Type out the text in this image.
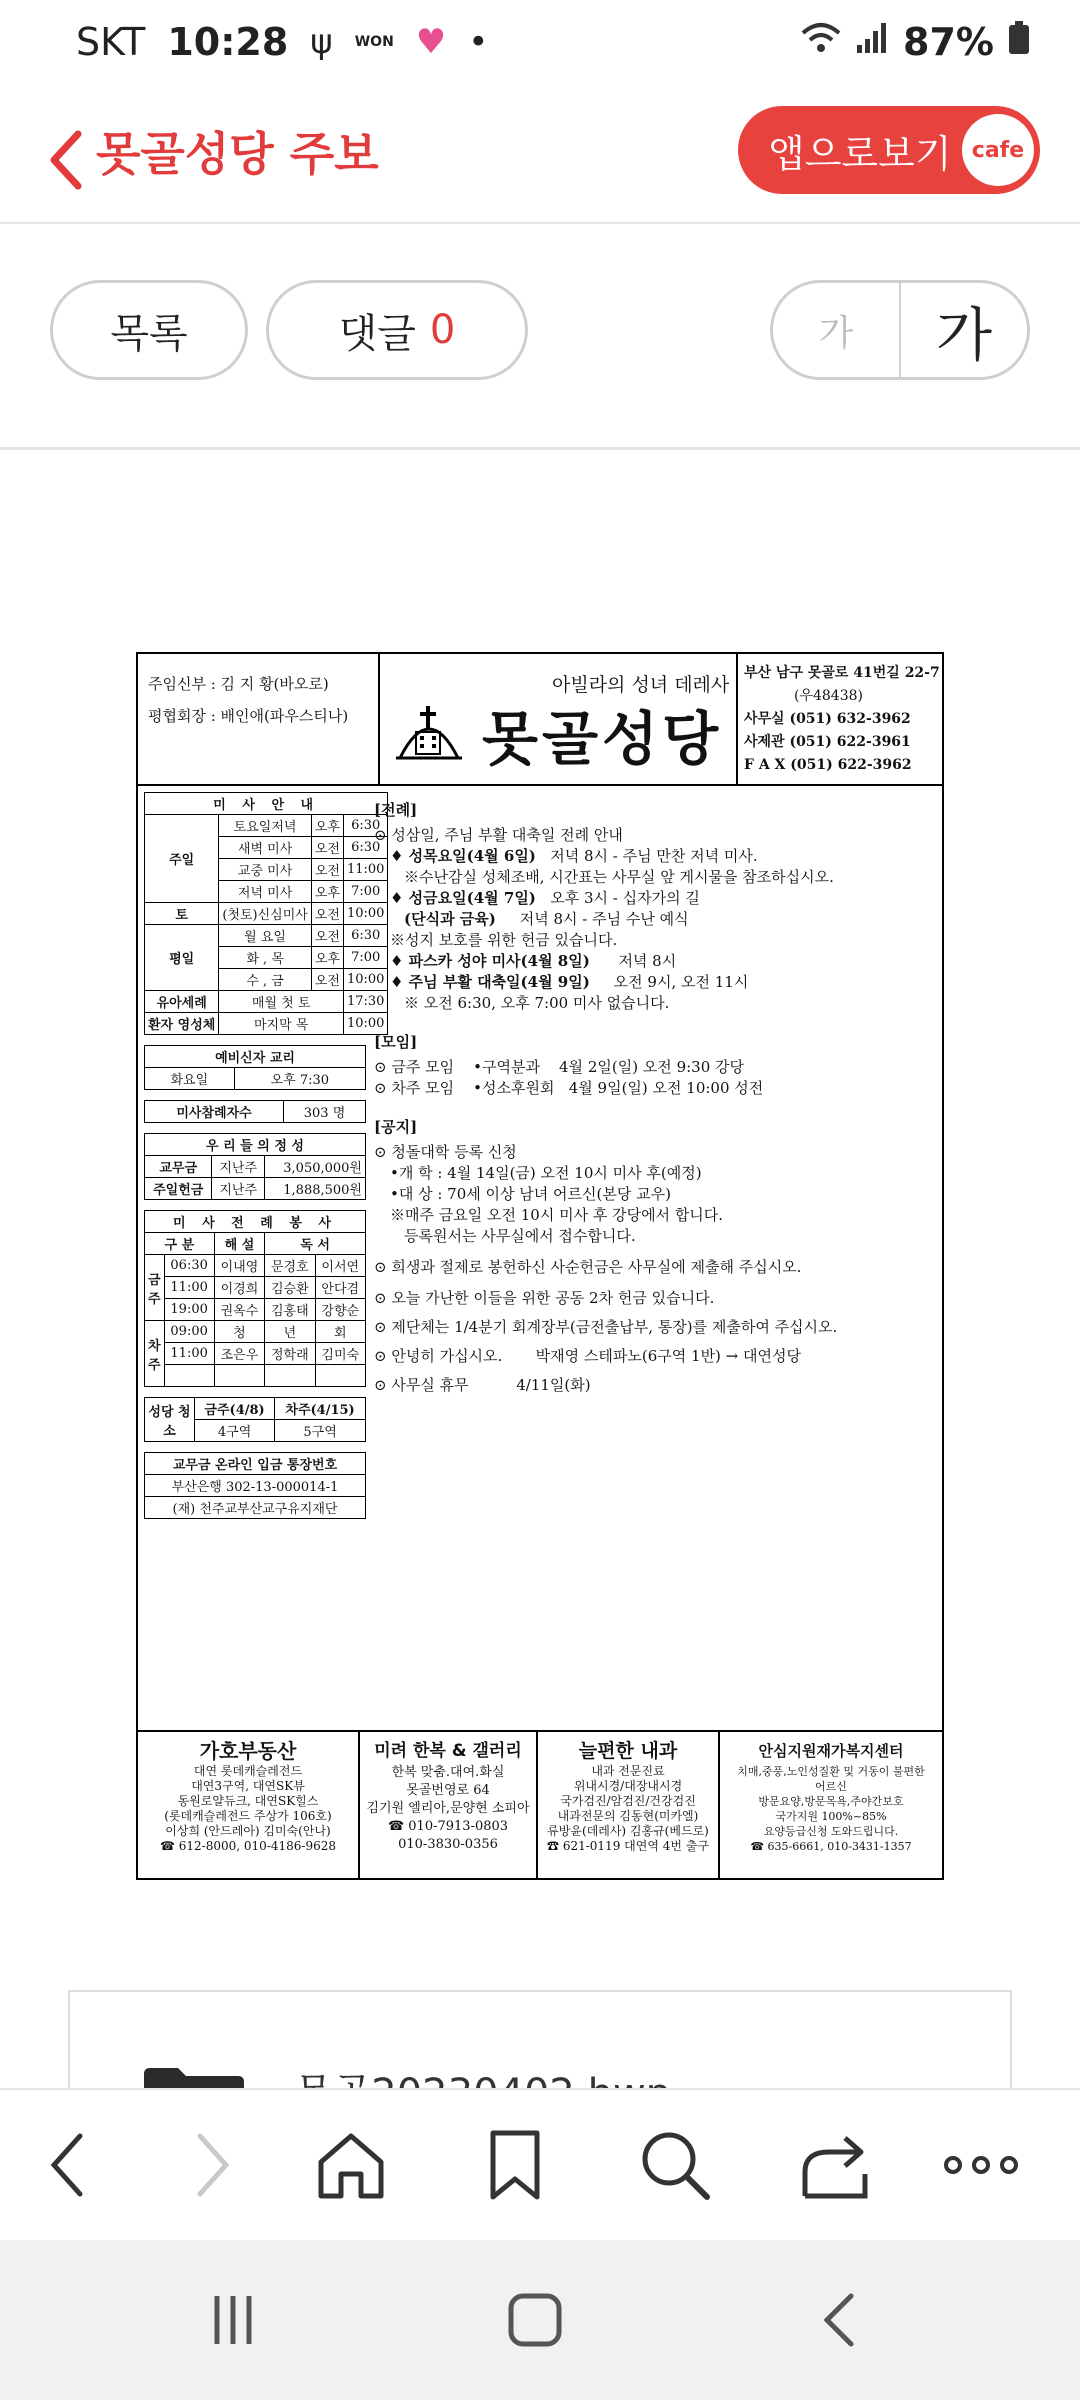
SKT 10:28 ψ WON ♥ •	87%
못골성당 주보	앱으로보기 cafe
목록	댓글 0	가	가
주임신부 : 김 지 황(바오로)
평협회장 : 배인애(파우스티나)
아빌라의 성녀 데레사
못골성당
부산 남구 못골로 41번길 22-7
(우48438)
사무실 (051) 632-3962
사제관 (051) 622-3961
F A X (051) 622-3962
미 사 안 내			
주일	토요일저녁	오후	6:30
	새벽 미사	오전	6:30
	교중 미사	오전	11:00
	저녁 미사	오후	7:00
토	(첫토)신심미사	오전	10:00
평일	월 요일	오전	6:30
	화 , 목	오후	7:00
	수 , 금	오전	10:00
유아세례	매월 첫 토		17:30
환자 영성체	마지막 목		10:00
예비신자 교리
화요일	오후 7:30
미사참례자수	303 명
우 리 들 의 정 성		
교무금	지난주	3,050,000원
주일헌금	지난주	1,888,500원
미 사 전 례 봉 사				
구 분		해 설	독 서	
금주	06:30	이내영	문경호	이서연
	11:00	이경희	김승환	안다겸
	19:00	권옥수	김홍태	강향순
차주	09:00	청	년	회
	11:00	조은우	정학래	김미숙

성당 청소	금주(4/8)	차주(4/15)
	4구역	5구역
교무금 온라인 입금 통장번호
부산은행 302-13-000014-1
(재) 천주교부산교구유지재단
[전례]
⊙ 성삼일, 주님 부활 대축일 전례 안내
♦ 성목요일(4월 6일) 저녁 8시 - 주님 만찬 저녁 미사.
※수난감실 성체조배, 시간표는 사무실 앞 게시물을 참조하십시오.
♦ 성금요일(4월 7일) 오후 3시 - 십자가의 길
(단식과 금육) 저녁 8시 - 주님 수난 예식
※성지 보호를 위한 헌금 있습니다.
♦ 파스카 성야 미사(4월 8일) 저녁 8시
♦ 주님 부활 대축일(4월 9일) 오전 9시, 오전 11시
※ 오전 6:30, 오후 7:00 미사 없습니다.
[모임]
⊙ 금주 모임    •구역분과    4월 2일(일) 오전 9:30 강당
⊙ 차주 모임    •성소후원회   4월 9일(일) 오전 10:00 성전
[공지]
⊙ 청돌대학 등록 신청
•개 학 : 4월 14일(금) 오전 10시 미사 후(예정)
•대 상 : 70세 이상 남녀 어르신(본당 교우)
※매주 금요일 오전 10시 미사 후 강당에서 합니다.
등록원서는 사무실에서 접수합니다.
⊙ 희생과 절제로 봉헌하신 사순헌금은 사무실에 제출해 주십시오.
⊙ 오늘 가난한 이들을 위한 공동 2차 헌금 있습니다.
⊙ 제단체는 1/4분기 회계장부(금전출납부, 통장)를 제출하여 주십시오.
⊙ 안녕히 가십시오.       박재영 스테파노(6구역 1반) → 대연성당
⊙ 사무실 휴무          4/11일(화)
가호부동산
대연 롯데캐슬레전드
대연3구역, 대연SK뷰
동원로얄듀크, 대연SK힐스
(롯데캐슬레전드 주상가 106호)
이상희 (안드레아) 김미숙(안나)
☎ 612-8000, 010-4186-9628
미려 한복 & 갤러리
한복 맞춤.대여.화실
못골번영로 64
김기원 엘리아,문양현 소피아
☎ 010-7913-0803
010-3830-0356
늘편한 내과
내과 전문진료
위내시경/대장내시경
국가검진/암검진/건강검진
내과전문의 김동현(미카엘)
류방윤(데레사) 김홍규(베드로)
☎ 621-0119 대연역 4번 출구
안심지원재가복지센터
치매,중풍,노인성질환 및 거동이 불편한
어르신
방문요양,방문목욕,주야간보호
국가지원 100%~85%
요양등급신청 도와드립니다.
☎ 635-6661, 010-3431-1357
